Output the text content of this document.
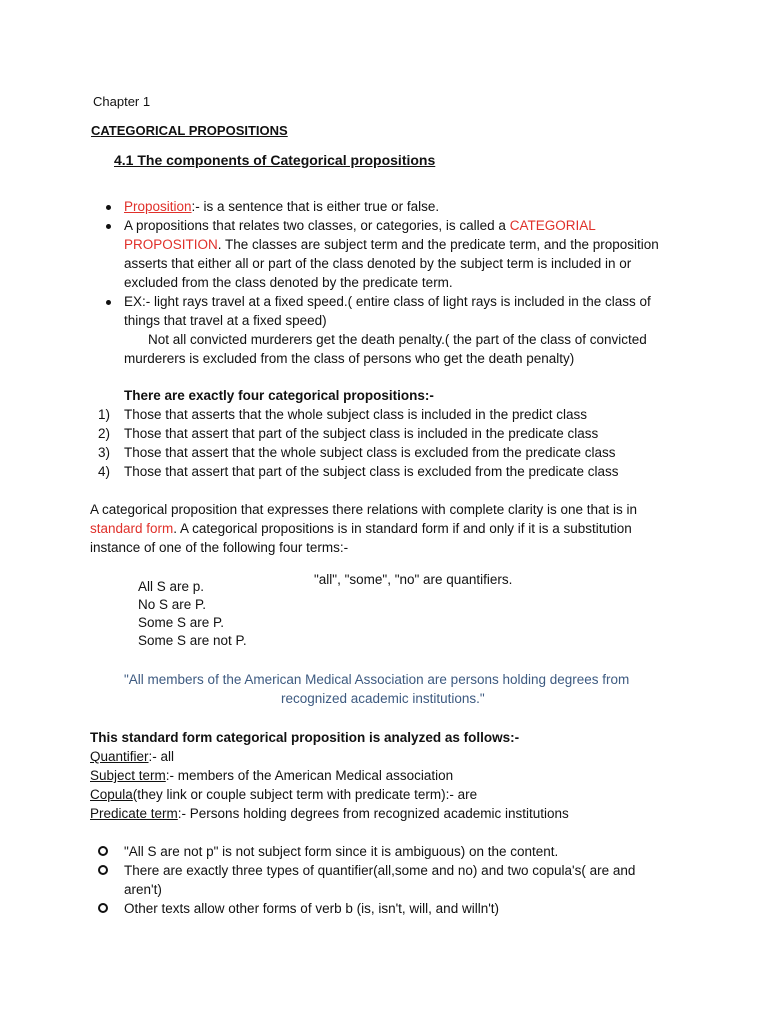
Chapter 1
CATEGORICAL PROPOSITIONS
4.1 The components of Categorical propositions
Proposition:- is a sentence that is either true or false.
A propositions that relates two classes, or categories, is called a CATEGORIAL
PROPOSITION. The classes are subject term and the predicate term, and the proposition
asserts that either all or part of the class denoted by the subject term is included in or
excluded from the class denoted by the predicate term.
EX:- light rays travel at a fixed speed.( entire class of light rays is included in the class of
things that travel at a fixed speed)
Not all convicted murderers get the death penalty.( the part of the class of convicted
murderers is excluded from the class of persons who get the death penalty)
There are exactly four categorical propositions:-
1) Those that asserts that the whole subject class is included in the predict class
2) Those that assert that part of the subject class is included in the predicate class
3) Those that assert that the whole subject class is excluded from the predicate class
4) Those that assert that part of the subject class is excluded from the predicate class
A categorical proposition that expresses there relations with complete clarity is one that is in
standard form. A categorical propositions is in standard form if and only if it is a substitution
instance of one of the following four terms:-
All S are p.
No S are P.
Some S are P.
Some S are not P.
"all", "some", "no" are quantifiers.
"All members of the American Medical Association are persons holding degrees from
recognized academic institutions."
This standard form categorical proposition is analyzed as follows:-
Quantifier:- all
Subject term:- members of the American Medical association
Copula(they link or couple subject term with predicate term):- are
Predicate term:- Persons holding degrees from recognized academic institutions
"All S are not p" is not subject form since it is ambiguous) on the content.
There are exactly three types of quantifier(all,some and no) and two copula's( are and
aren't)
Other texts allow other forms of verb b (is, isn't, will, and willn't)
